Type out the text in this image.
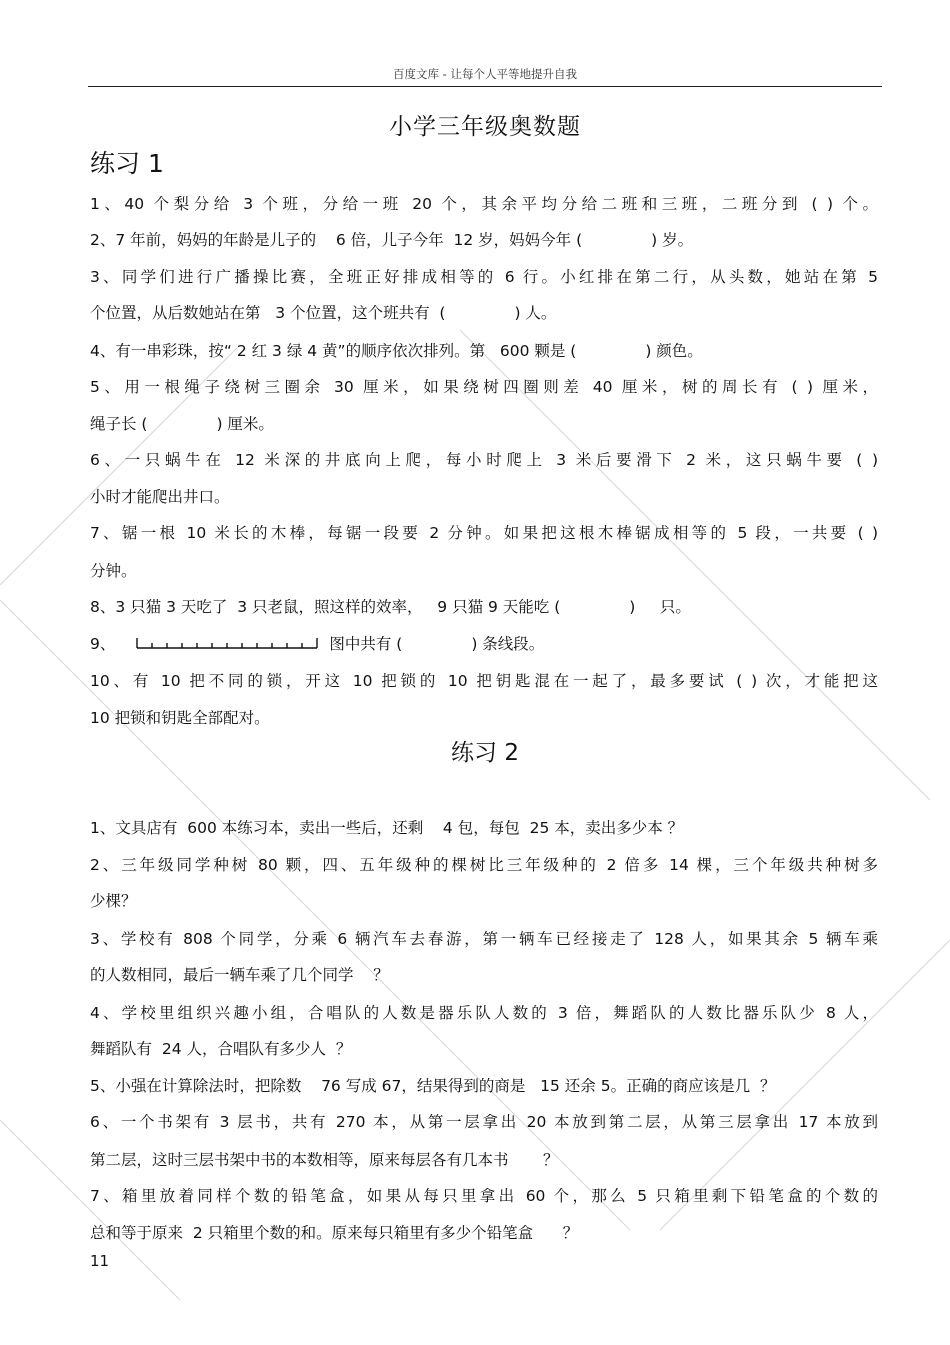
百度文库 - 让每个人平等地提升自我
小学三年级奥数题
练习 1
1、40 个梨分给 3 个班，分给一班 20 个，其余平均分给二班和三班，二班分到 ( ) 个。
2、7 年前，妈妈的年龄是儿子的    6 倍，儿子今年  12 岁，妈妈今年 (              ) 岁。
3、同学们进行广播操比赛，全班正好排成相等的 6 行。小红排在第二行，从头数，她站在第 5
个位置，从后数她站在第   3 个位置，这个班共有  (              ) 人。
4、有一串彩珠，按“ 2 红 3 绿 4 黄”的顺序依次排列。第   600 颗是 (              ) 颜色。
5、用一根绳子绕树三圈余 30 厘米，如果绕树四圈则差 40 厘米，树的周长有 ( ) 厘米，
绳子长 (              ) 厘米。
6、一只蜗牛在 12 米深的井底向上爬，每小时爬上 3 米后要滑下 2 米，这只蜗牛要 ( )
小时才能爬出井口。
7、锯一根 10 米长的木棒，每锯一段要 2 分钟。如果把这根木棒锯成相等的 5 段，一共要 ( )
分钟。
8、3 只猫 3 天吃了  3 只老鼠，照这样的效率，   9 只猫 9 天能吃 (              )     只。
9、	图中共有 (              ) 条线段。
10、有 10 把不同的锁，开这 10 把锁的 10 把钥匙混在一起了，最多要试 ( ) 次，才能把这
10 把锁和钥匙全部配对。
练习 2
1、文具店有  600 本练习本，卖出一些后，还剩    4 包，每包  25 本，卖出多少本 ？
2、三年级同学种树 80 颗，四、五年级种的棵树比三年级种的 2 倍多 14 棵，三个年级共种树多
少棵？
3、学校有 808 个同学，分乘 6 辆汽车去春游，第一辆车已经接走了 128 人，如果其余 5 辆车乘
的人数相同，最后一辆车乘了几个同学    ？
4、学校里组织兴趣小组，合唱队的人数是器乐队人数的 3 倍，舞蹈队的人数比器乐队少 8 人，
舞蹈队有  24 人，合唱队有多少人  ？
5、小强在计算除法时，把除数    76 写成 67，结果得到的商是   15 还余 5。正确的商应该是几  ？
6、一个书架有 3 层书，共有 270 本，从第一层拿出 20 本放到第二层，从第三层拿出 17 本放到
第二层，这时三层书架中书的本数相等，原来每层各有几本书       ？
7、箱里放着同样个数的铅笔盒，如果从每只里拿出 60 个，那么 5 只箱里剩下铅笔盒的个数的
总和等于原来  2 只箱里个数的和。原来每只箱里有多少个铅笔盒      ？
11
